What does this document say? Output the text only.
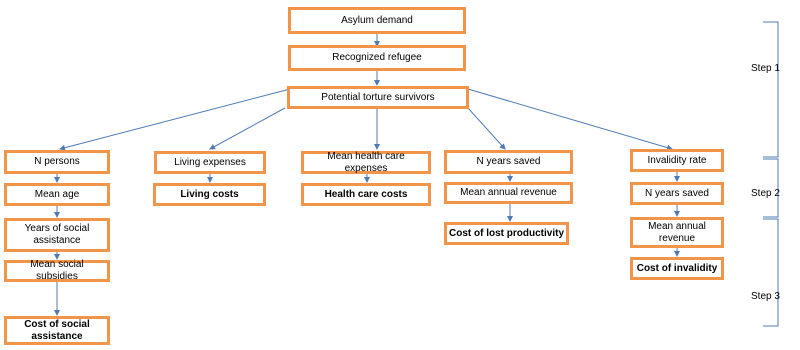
Asylum demand
Recognized refugee
Potential torture survivors
N persons
Mean age
Years of social assistance
Mean social subsidies
Cost of social assistance
Living expenses
Living costs
Mean health care expenses
Health care costs
N years saved
Mean annual revenue
Cost of lost productivity
Invalidity rate
N years saved
Mean annual revenue
Cost of invalidity
Step 1
Step 2
Step 3
